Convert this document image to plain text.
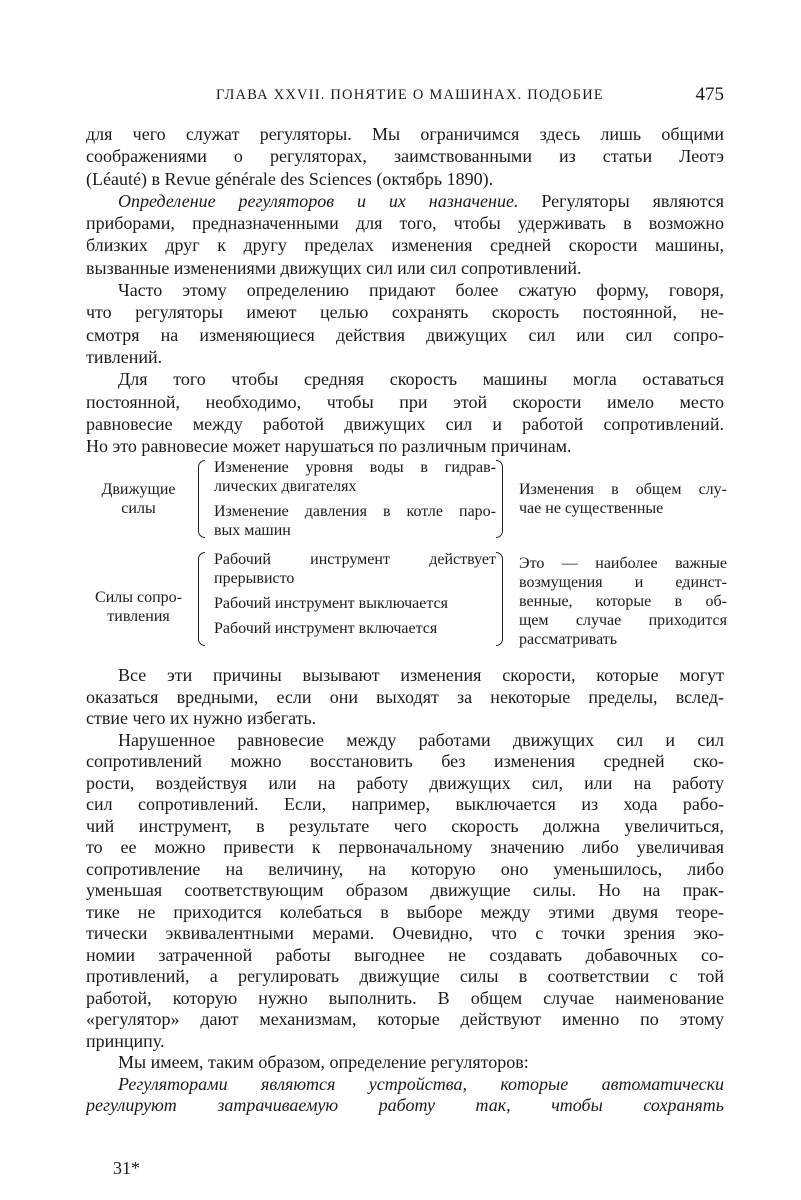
ГЛАВА XXVII. ПОНЯТИЕ О МАШИНАХ. ПОДОБИЕ	475
для чего служат регуляторы. Мы ограничимся здесь лишь общими
соображениями о регуляторах, заимствованными из статьи Леотэ
(Léauté) в Revue générale des Sciences (октябрь 1890).
Определение регуляторов и их назначение. Регуляторы являются
приборами, предназначенными для того, чтобы удерживать в возможно
близких друг к другу пределах изменения средней скорости машины,
вызванные изменениями движущих сил или сил сопротивлений.
Часто этому определению придают более сжатую форму, говоря,
что регуляторы имеют целью сохранять скорость постоянной, не-
смотря на изменяющиеся действия движущих сил или сил сопро-
тивлений.
Для того чтобы средняя скорость машины могла оставаться
постоянной, необходимо, чтобы при этой скорости имело место
равновесие между работой движущих сил и работой сопротивлений.
Но это равновесие может нарушаться по различным причинам.
Движущие
силы
Изменение уровня воды в гидрав-
лических двигателях
Изменение давления в котле паро-
вых машин
Изменения в общем слу-
чае не существенные
Силы сопро-
тивления
Рабочий инструмент действует
прерывисто
Рабочий инструмент выключается
Рабочий инструмент включается
Это — наиболее важные
возмущения и единст-
венные, которые в об-
щем случае приходится
рассматривать
Все эти причины вызывают изменения скорости, которые могут
оказаться вредными, если они выходят за некоторые пределы, вслед-
ствие чего их нужно избегать.
Нарушенное равновесие между работами движущих сил и сил
сопротивлений можно восстановить без изменения средней ско-
рости, воздействуя или на работу движущих сил, или на работу
сил сопротивлений. Если, например, выключается из хода рабо-
чий инструмент, в результате чего скорость должна увеличиться,
то ее можно привести к первоначальному значению либо увеличивая
сопротивление на величину, на которую оно уменьшилось, либо
уменьшая соответствующим образом движущие силы. Но на прак-
тике не приходится колебаться в выборе между этими двумя теоре-
тически эквивалентными мерами. Очевидно, что с точки зрения эко-
номии затраченной работы выгоднее не создавать добавочных со-
противлений, а регулировать движущие силы в соответствии с той
работой, которую нужно выполнить. В общем случае наименование
«регулятор» дают механизмам, которые действуют именно по этому
принципу.
Мы имеем, таким образом, определение регуляторов:
Регуляторами являются устройства, которые автоматически
регулируют затрачиваемую работу так, чтобы сохранять
31*
